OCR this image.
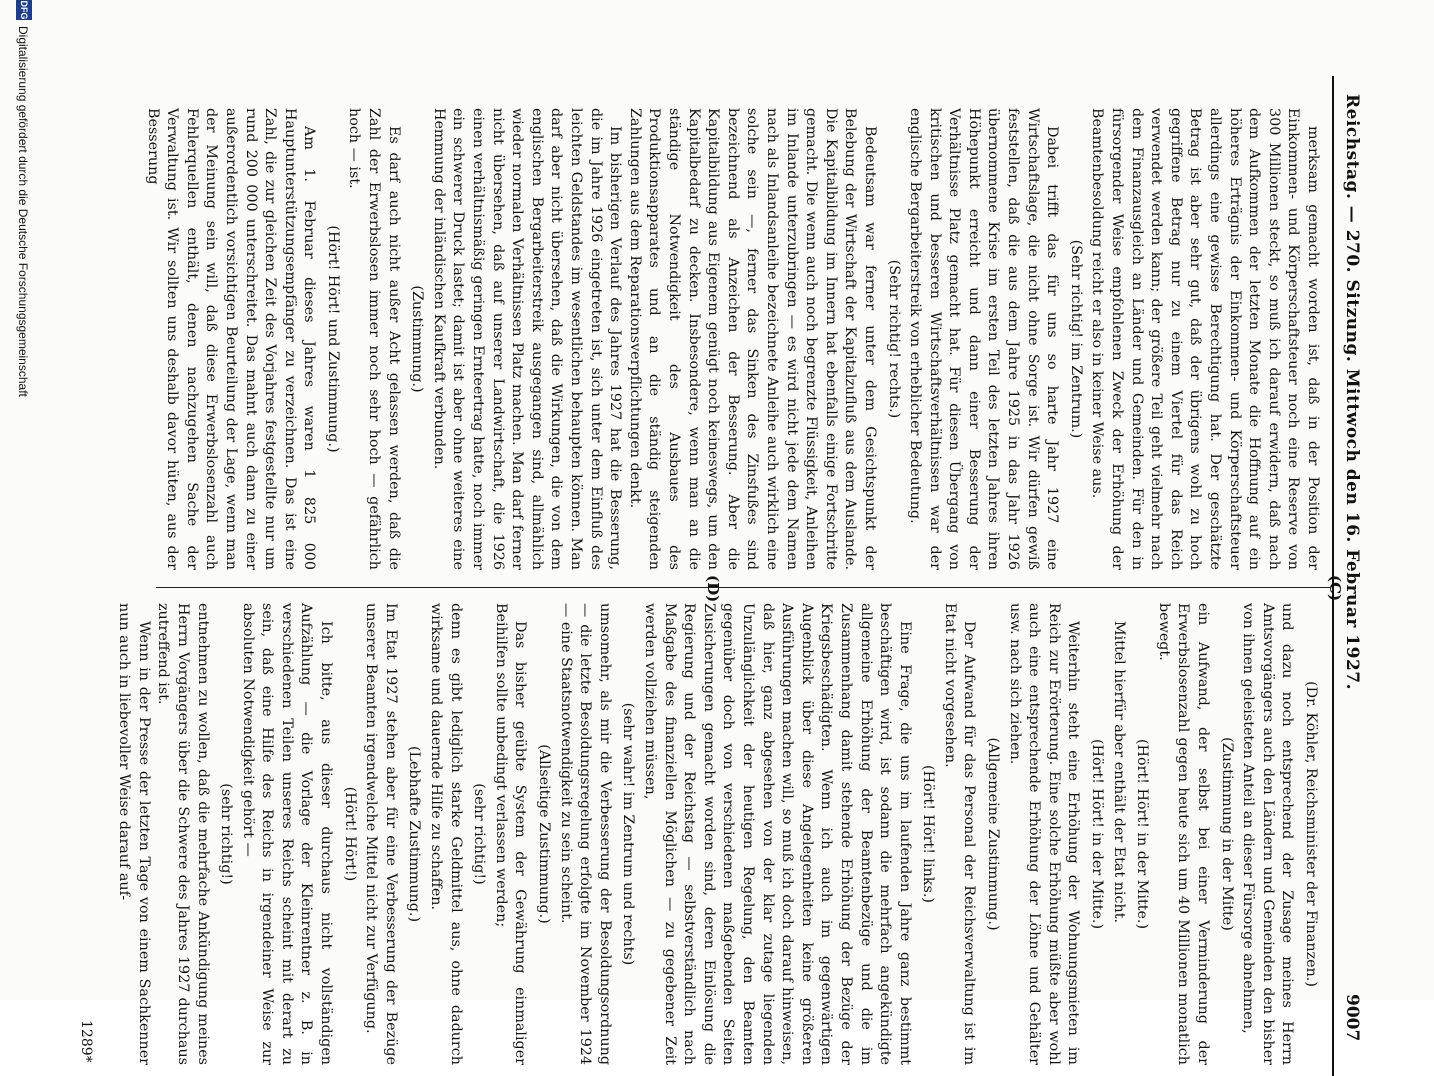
Reichstag. — 270. Sitzung. Mittwoch den 16. Februar 1927.
9007

merksam gemacht worden ist, daß in der Position der Einkommen- und Körperschaftsteuer noch eine Reserve von 300 Millionen steckt, so muß ich darauf erwidern, daß nach dem Aufkommen der letzten Monate die Hoffnung auf ein höheres Erträgnis der Einkommen- und Körperschaftsteuer allerdings eine gewisse Berechtigung hat. Der geschätzte Betrag ist aber sehr gut, daß der übrigens wohl zu hoch gegriffene Betrag nur zu einem Viertel für das Reich verwendet werden kann; der größere Teil geht vielmehr nach dem Finanzausgleich an Länder und Gemeinden. Für den in fürsorgender Weise empfohlenen Zweck der Erhöhung der Beamtenbesoldung reicht er also in keiner Weise aus.

(Sehr richtig! im Zentrum.)

Dabei trifft das für uns so harte Jahr 1927 eine Wirtschaftslage, die nicht ohne Sorge ist. Wir dürfen gewiß feststellen, daß die aus dem Jahre 1925 in das Jahr 1926 übernommene Krise im ersten Teil des letzten Jahres ihren Höhepunkt erreicht und dann einer Besserung der Verhältnisse Platz gemacht hat. Für diesen Übergang von kritischen und besseren Wirtschaftsverhältnissen war der englische Bergarbeiterstreik von erheblicher Bedeutung.

(Sehr richtig! rechts.)

Bedeutsam war ferner unter dem Gesichtspunkt der Belebung der Wirtschaft der Kapitalzufluß aus dem Auslande. Die Kapitalbildung im Innern hat ebenfalls einige Fortschritte gemacht. Die wenn auch noch begrenzte Flüssigkeit, Anleihen im Inlande unterzubringen — es wird nicht jede dem Namen nach als Inlandsanleihe bezeichnete Anleihe auch wirklich eine solche sein —, ferner das Sinken des Zinsfußes sind bezeichnend als Anzeichen der Besserung. Aber die Kapitalbildung aus Eigenem genügt noch keineswegs, um den Kapitalbedarf zu decken. Insbesondere, wenn man an die ständige Notwendigkeit des Ausbaues des Produktionsapparates und an die ständig steigenden Zahlungen aus dem Reparationsverpflichtungen denkt.

Im bisherigen Verlauf des Jahres 1927 hat die Besserung, die im Jahre 1926 eingetreten ist, sich unter dem Einfluß des leichten Geldstandes im wesentlichen behaupten können. Man darf aber nicht übersehen, daß die Wirkungen, die von dem englischen Bergarbeiterstreik ausgegangen sind, allmählich wieder normalen Verhältnissen Platz machen. Man darf ferner nicht übersehen, daß auf unserer Landwirtschaft, die 1926 einen verhältnismäßig geringen Ernteertrag hatte, noch immer ein schwerer Druck lastet; damit ist aber ohne weiteres eine Hemmung der inländischen Kaufkraft verbunden.

(Zustimmung.)

Es darf auch nicht außer Acht gelassen werden, daß die Zahl der Erwerbslosen immer noch sehr hoch — gefährlich hoch — ist.

(Hört! Hört! und Zustimmung.)

Am 1. Februar dieses Jahres waren 1 825 000 Hauptunterstützungsempfänger zu verzeichnen. Das ist eine Zahl, die zur gleichen Zeit des Vorjahres festgestellte nur um rund 200 000 unterschreitet. Das mahnt auch dann zu einer außerordentlich vorsichtigen Beurteilung der Lage, wenn man der Meinung sein will, daß diese Erwerbslosenzahl auch Fehlerquellen enthält, denen nachzugehen Sache der Verwaltung ist. Wir sollten uns deshalb davor hüten, aus der Besserung

(Dr. Köhler, Reichsminister der Finanzen.)

und dazu noch entsprechend der Zusage meines Herrn Amtsvorgängers auch den Ländern und Gemeinden den bisher von ihnen geleisteten Anteil an dieser Fürsorge abnehmen,

(Zustimmung in der Mitte)

ein Aufwand, der selbst bei einer Verminderung der Erwerbslosenzahl gegen heute sich um 40 Millionen monatlich bewegt.

(Hört! Hört! in der Mitte.)

Mittel hierfür aber enthält der Etat nicht.

(Hört! Hört! in der Mitte.)

Weiterhin steht eine Erhöhung der Wohnungsmieten im Reich zur Erörterung. Eine solche Erhöhung müßte aber wohl auch eine entsprechende Erhöhung der Löhne und Gehälter usw. nach sich ziehen.

(Allgemeine Zustimmung.)

Der Aufwand für das Personal der Reichsverwaltung ist im Etat nicht vorgesehen.

(Hört! Hört! links.)

Eine Frage, die uns im laufenden Jahre ganz bestimmt beschäftigen wird, ist sodann die mehrfach angekündigte allgemeine Erhöhung der Beamtenbezüge und die im Zusammenhang damit stehende Erhöhung der Bezüge der Kriegsbeschädigten. Wenn ich auch im gegenwärtigen Augenblick über diese Angelegenheiten keine größeren Ausführungen machen will, so muß ich doch darauf hinweisen, daß hier, ganz abgesehen von der klar zutage liegenden Unzulänglichkeit der heutigen Regelung, den Beamten gegenüber doch von verschiedenen maßgebenden Seiten Zusicherungen gemacht worden sind, deren Einlösung die Regierung und der Reichstag — selbstverständlich nach Maßgabe des finanziellen Möglichen — zu gegebener Zeit werden vollziehen müssen,

(sehr wahr! im Zentrum und rechts)

umsomehr, als mir die Verbesserung der Besoldungsordnung — die letzte Besoldungsregelung erfolgte im November 1924 — eine Staatsnotwendigkeit zu sein scheint.

(Allseitige Zustimmung.)

Das bisher geübte System der Gewährung einmaliger Beihilfen sollte unbedingt verlassen werden;

(sehr richtig!)

denn es gibt lediglich starke Geldmittel aus, ohne dadurch wirksame und dauernde Hilfe zu schaffen.

(Lebhafte Zustimmung.)

Im Etat 1927 stehen aber für eine Verbesserung der Bezüge unserer Beamten irgendwelche Mittel nicht zur Verfügung.

(Hört! Hört!)

Ich bitte, aus dieser durchaus nicht vollständigen Aufzählung — die Vorlage der Kleinrentner z. B. in verschiedenen Teilen unseres Reichs scheint mit derart zu sein, daß eine Hilfe des Reichs in irgendeiner Weise zur absoluten Notwendigkeit gehört —

(sehr richtig!)

entnehmen zu wollen, daß die mehrfache Ankündigung meines Herrn Vorgängers über die Schwere des Jahres 1927 durchaus zutreffend ist.

Wenn in der Presse der letzten Tage von einem Sachkenner nun auch in liebevoller Weise darauf auf-

(C)
(D)
1289*
DFG
Digitalisierung gefördert durch die Deutsche Forschungsgemeinschaft
